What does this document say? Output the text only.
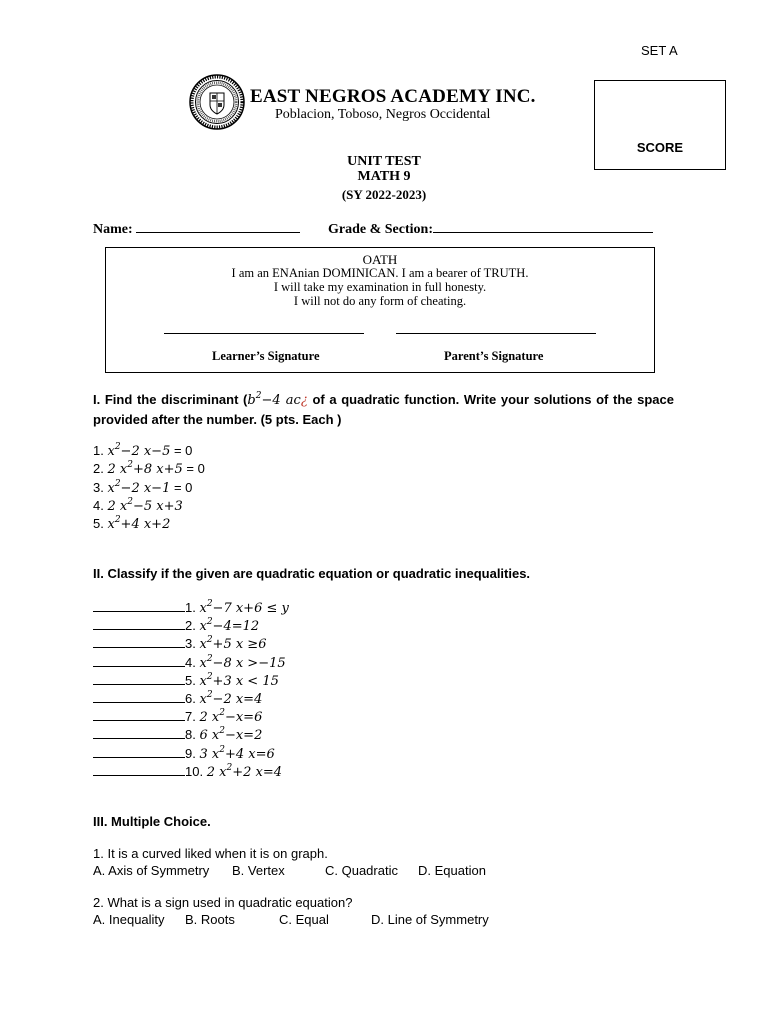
SET A
SCORE
EAST NEGROS ACADEMY INC.
Poblacion, Toboso, Negros Occidental
UNIT TEST
MATH 9
(SY 2022-2023)
Name:	Grade & Section:
OATH
I am an ENAnian DOMINICAN. I am a bearer of TRUTH.
I will take my examination in full honesty.
I will not do any form of cheating.
Learner’s Signature	Parent’s Signature
I. Find the discriminant ($b^2-4$ ac¿ of a quadratic function. Write your solutions of the space provided after the number. (5 pts. Each )
1. $x^2-2$ x−5 = 0
2. 2 $x^2+8$ x+5 = 0
3. $x^2-2$ x−1 = 0
4. 2 $x^2-5$ x+3
5. $x^2+4$ x+2
II. Classify if the given are quadratic equation or quadratic inequalities.
1. $x^2-7$ x+6 ≤ y
2. $x^2-4=12$
3. $x^2+5$ x ≥6
4. $x^2-8$ x >−15
5. $x^2+3$ x < 15
6. $x^2-2$ x=4
7. 2 $x^2-x=6$
8. 6 $x^2-x=2$
9. 3 $x^2+4$ x=6
10. 2 $x^2+2$ x=4
III. Multiple Choice.
1. It is a curved liked when it is on graph.
A. Axis of Symmetry B. Vertex	C. Quadratic D. Equation
2. What is a sign used in quadratic equation?
A. Inequality B. Roots	C. Equal	D. Line of Symmetry
